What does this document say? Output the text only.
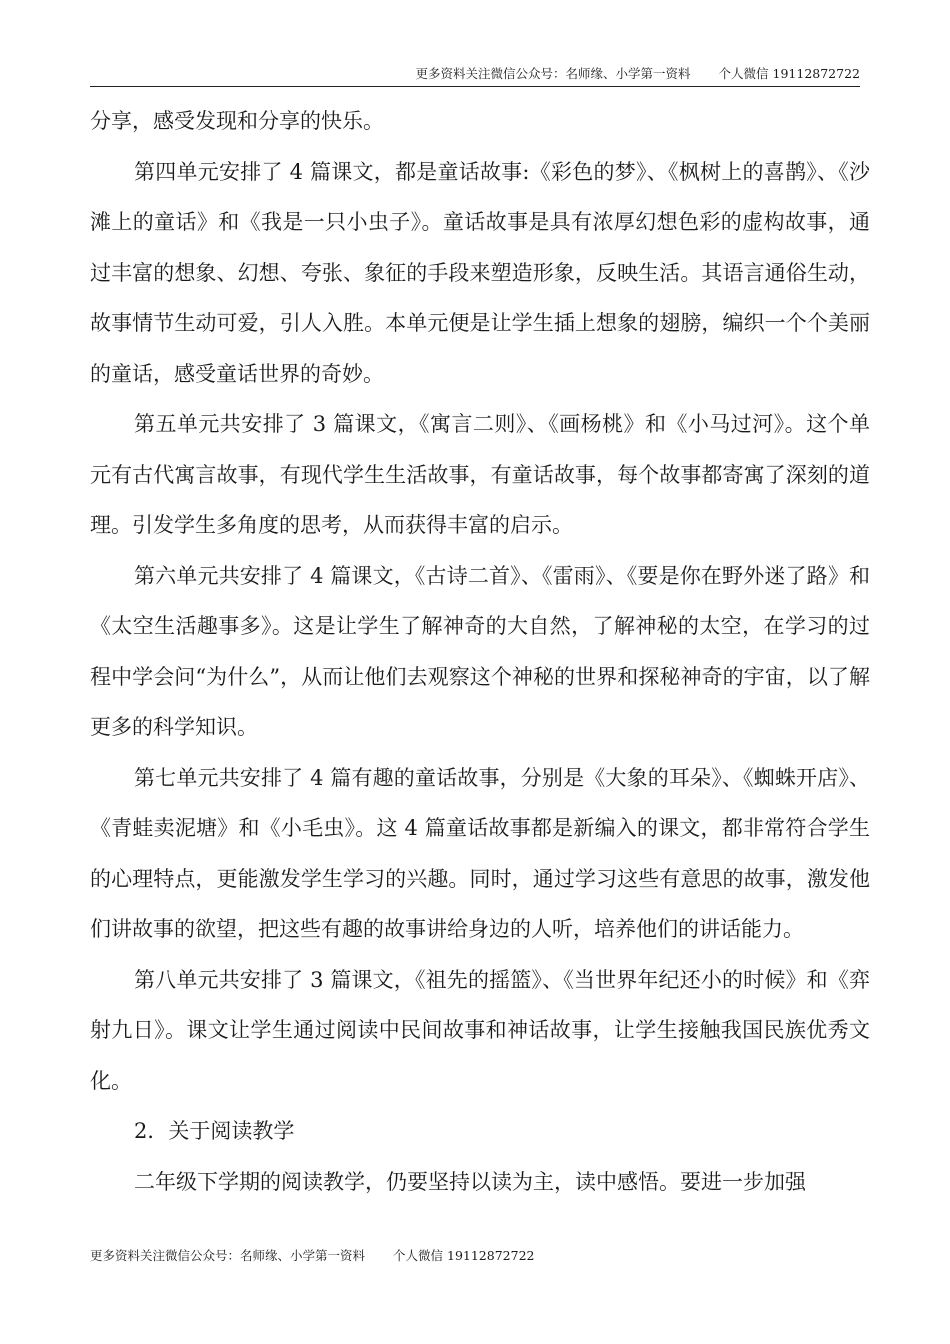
更多资料关注微信公众号：名师缘、小学第一资料 个人微信 19112872722

分享，感受发现和分享的快乐。

第四单元安排了 4 篇课文，都是童话故事:《彩色的梦》、《枫树上的喜鹊》、《沙滩上的童话》和《我是一只小虫子》。童话故事是具有浓厚幻想色彩的虚构故事，通过丰富的想象、幻想、夸张、象征的手段来塑造形象，反映生活。其语言通俗生动，故事情节生动可爱，引人入胜。本单元便是让学生插上想象的翅膀，编织一个个美丽的童话，感受童话世界的奇妙。

第五单元共安排了 3 篇课文，《寓言二则》、《画杨桃》和《小马过河》。这个单元有古代寓言故事，有现代学生生活故事，有童话故事，每个故事都寄寓了深刻的道理。引发学生多角度的思考，从而获得丰富的启示。

第六单元共安排了 4 篇课文，《古诗二首》、《雷雨》、《要是你在野外迷了路》和《太空生活趣事多》。这是让学生了解神奇的大自然，了解神秘的太空，在学习的过程中学会问“为什么”，从而让他们去观察这个神秘的世界和探秘神奇的宇宙，以了解更多的科学知识。

第七单元共安排了 4 篇有趣的童话故事，分别是《大象的耳朵》、《蜘蛛开店》、《青蛙卖泥塘》和《小毛虫》。这 4 篇童话故事都是新编入的课文，都非常符合学生的心理特点，更能激发学生学习的兴趣。同时，通过学习这些有意思的故事，激发他们讲故事的欲望，把这些有趣的故事讲给身边的人听，培养他们的讲话能力。

第八单元共安排了 3 篇课文，《祖先的摇篮》、《当世界年纪还小的时候》和《弈射九日》。课文让学生通过阅读中民间故事和神话故事，让学生接触我国民族优秀文化。

2．关于阅读教学

二年级下学期的阅读教学，仍要坚持以读为主，读中感悟。要进一步加强

更多资料关注微信公众号：名师缘、小学第一资料 个人微信 19112872722
